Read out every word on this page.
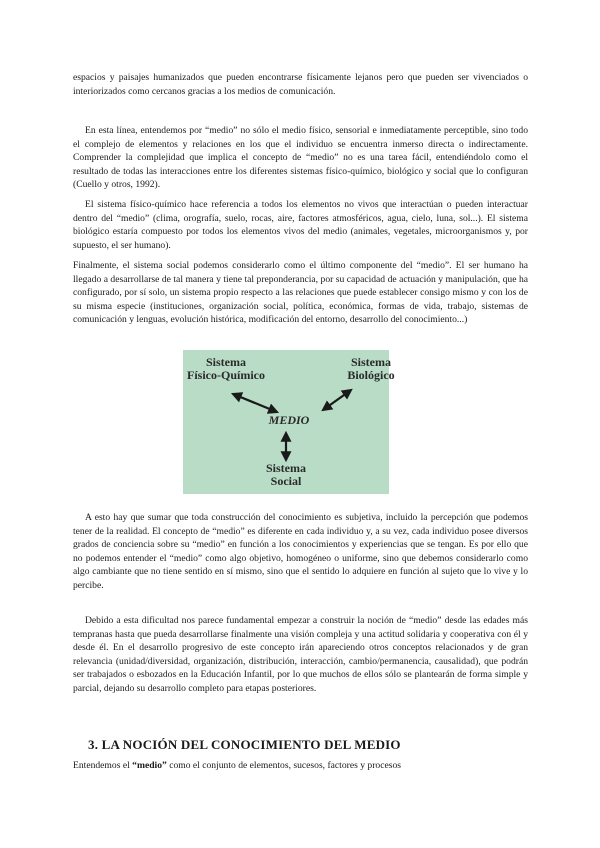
espacios y paisajes humanizados que pueden encontrarse físicamente lejanos pero que pueden ser vivenciados o interiorizados como cercanos gracias a los medios de comunicación.

En esta línea, entendemos por “medio” no sólo el medio físico, sensorial e inmediatamente perceptible, sino todo el complejo de elementos y relaciones en los que el individuo se encuentra inmerso directa o indirectamente. Comprender la complejidad que implica el concepto de “medio” no es una tarea fácil, entendiéndolo como el resultado de todas las interacciones entre los diferentes sistemas físico-químico, biológico y social que lo configuran (Cuello y otros, 1992).

El sistema físico-químico hace referencia a todos los elementos no vivos que interactúan o pueden interactuar dentro del “medio” (clima, orografía, suelo, rocas, aire, factores atmosféricos, agua, cielo, luna, sol...). El sistema biológico estaría compuesto por todos los elementos vivos del medio (animales, vegetales, microorganismos y, por supuesto, el ser humano).

Finalmente, el sistema social podemos considerarlo como el último componente del “medio”. El ser humano ha llegado a desarrollarse de tal manera y tiene tal preponderancia, por su capacidad de actuación y manipulación, que ha configurado, por sí solo, un sistema propio respecto a las relaciones que puede establecer consigo mismo y con los de su misma especie (instituciones, organización social, política, económica, formas de vida, trabajo, sistemas de comunicación y lenguas, evolución histórica, modificación del entorno, desarrollo del conocimiento...)

Sistema
Físico-Químico
Sistema
Biológico
MEDIO
Sistema
Social

A esto hay que sumar que toda construcción del conocimiento es subjetiva, incluido la percepción que podemos tener de la realidad. El concepto de “medio” es diferente en cada individuo y, a su vez, cada individuo posee diversos grados de conciencia sobre su “medio” en función a los conocimientos y experiencias que se tengan. Es por ello que no podemos entender el “medio” como algo objetivo, homogéneo o uniforme, sino que debemos considerarlo como algo cambiante que no tiene sentido en sí mismo, sino que el sentido lo adquiere en función al sujeto que lo vive y lo percibe.

Debido a esta dificultad nos parece fundamental empezar a construir la noción de “medio” desde las edades más tempranas hasta que pueda desarrollarse finalmente una visión compleja y una actitud solidaria y cooperativa con él y desde él. En el desarrollo progresivo de este concepto irán apareciendo otros conceptos relacionados y de gran relevancia (unidad/diversidad, organización, distribución, interacción, cambio/permanencia, causalidad), que podrán ser trabajados o esbozados en la Educación Infantil, por lo que muchos de ellos sólo se plantearán de forma simple y parcial, dejando su desarrollo completo para etapas posteriores.

3. LA NOCIÓN DEL CONOCIMIENTO DEL MEDIO

Entendemos el “medio” como el conjunto de elementos, sucesos, factores y procesos
